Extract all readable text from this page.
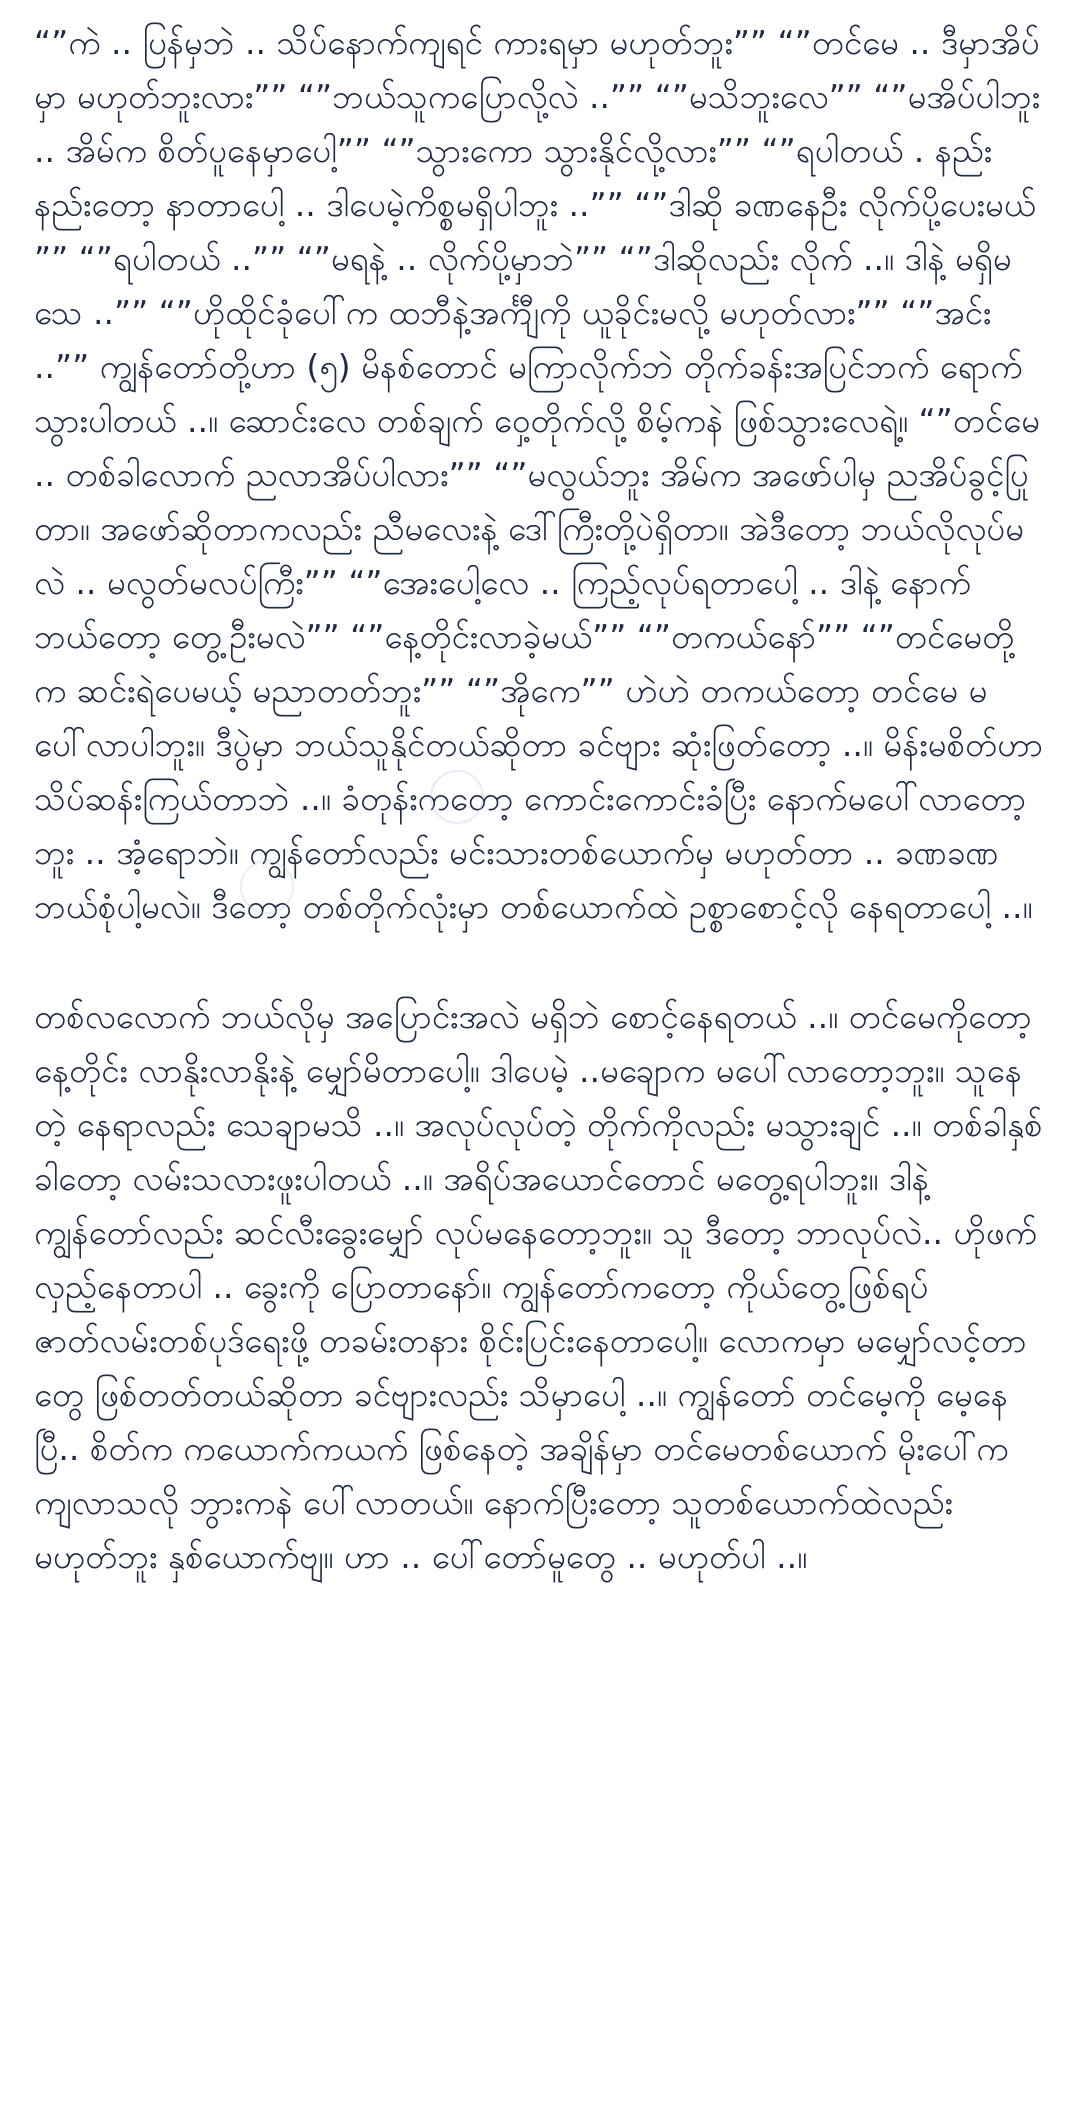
“”ကဲ .. ပြန်မှဘဲ .. သိပ်နောက်ကျရင် ကားရမှာ မဟုတ်ဘူး”” “”တင်မေ .. ဒီမှာအိပ်မှာ မဟုတ်ဘူးလား”” “”ဘယ်သူကပြောလို့လဲ ..”” “”မသိဘူးလေ”” “”မအိပ်ပါဘူး .. အိမ်က စိတ်ပူနေမှာပေါ့”” “”သွားကော သွားနိုင်လို့လား”” “”ရပါတယ် . နည်းနည်းတော့ နာတာပေါ့ .. ဒါပေမဲ့ကိစ္စမရှိပါဘူး ..”” “”ဒါဆို ခဏနေဦး လိုက်ပို့ပေးမယ် ”” “”ရပါတယ် ..”” “”မရနဲ့ .. လိုက်ပို့မှာဘဲ”” “”ဒါဆိုလည်း လိုက် ..။ ဒါနဲ့ မရှိမသေ ..”” “”ဟိုထိုင်ခုံပေါ်က ထဘီနဲ့အင်္ကျီကို ယူခိုင်းမလို့ မဟုတ်လား”” “”အင်း ..”” ကျွန်တော်တို့ဟာ (၅) မိနစ်တောင် မကြာလိုက်ဘဲ တိုက်ခန်းအပြင်ဘက် ရောက်သွားပါတယ် ..။ ဆောင်းလေ တစ်ချက် ဝှေ့တိုက်လို့ စိမ့်ကနဲ ဖြစ်သွားလေရဲ့။ “”တင်မေ .. တစ်ခါလောက် ညလာအိပ်ပါလား”” “”မလွယ်ဘူး အိမ်က အဖော်ပါမှ ညအိပ်ခွင့်ပြုတာ။ အဖော်ဆိုတာကလည်း ညီမလေးနဲ့ ဒေါ်ကြီးတို့ပဲရှိတာ။ အဲဒီတော့ ဘယ်လိုလုပ်မလဲ .. မလွတ်မလပ်ကြီး”” “”အေးပေါ့လေ .. ကြည့်လုပ်ရတာပေါ့ .. ဒါနဲ့ နောက် ဘယ်တော့ တွေ့ဦးမလဲ”” “”နေ့တိုင်းလာခဲ့မယ်”” “”တကယ်နော်”” “”တင်မေတို့က ဆင်းရဲပေမယ့် မညာတတ်ဘူး”” “”အိုကေ”” ဟဲဟဲ တကယ်တော့ တင်မေ မပေါ်လာပါဘူး။ ဒီပွဲမှာ ဘယ်သူနိုင်တယ်ဆိုတာ ခင်ဗျား ဆုံးဖြတ်တော့ ..။ မိန်းမစိတ်ဟာ သိပ်ဆန်းကြယ်တာဘဲ ..။ ခံတုန်းကတော့ ကောင်းကောင်းခံပြီး နောက်မပေါ်လာတော့ဘူး .. အံ့ရောဘဲ။ ကျွန်တော်လည်း မင်းသားတစ်ယောက်မှ မဟုတ်တာ .. ခဏခဏ ဘယ်စုံပါ့မလဲ။ ဒီတော့ တစ်တိုက်လုံးမှာ တစ်ယောက်ထဲ ဥစ္စာစောင့်လို နေရတာပေါ့ ..။

တစ်လလောက် ဘယ်လိုမှ အပြောင်းအလဲ မရှိဘဲ စောင့်နေရတယ် ..။ တင်မေကိုတော့ နေ့တိုင်း လာနိုးလာနိုးနဲ့ မျှော်မိတာပေါ့။ ဒါပေမဲ့ ..မချောက မပေါ်လာတော့ဘူး။ သူနေတဲ့ နေရာလည်း သေချာမသိ ..။ အလုပ်လုပ်တဲ့ တိုက်ကိုလည်း မသွားချင် ..။ တစ်ခါနှစ်ခါတော့ လမ်းသလားဖူးပါတယ် ..။ အရိပ်အယောင်တောင် မတွေ့ရပါဘူး။ ဒါနဲ့ ကျွန်တော်လည်း ဆင်လီးခွေးမျှော် လုပ်မနေတော့ဘူး။ သူ ဒီတော့ ဘာလုပ်လဲ.. ဟိုဖက်လှည့်နေတာပါ .. ခွေးကို ပြောတာနော်။ ကျွန်တော်ကတော့ ကိုယ်တွေ့ဖြစ်ရပ် ဇာတ်လမ်းတစ်ပုဒ်ရေးဖို့ တခမ်းတနား စိုင်းပြင်းနေတာပေါ့။ လောကမှာ မမျှော်လင့်တာတွေ ဖြစ်တတ်တယ်ဆိုတာ ခင်ဗျားလည်း သိမှာပေါ့ ..။ ကျွန်တော် တင်မေ့ကို မေ့နေပြီ.. စိတ်က ကယောက်ကယက် ဖြစ်နေတဲ့ အချိန်မှာ တင်မေတစ်ယောက် မိုးပေါ်က ကျလာသလို ဘွားကနဲ ပေါ်လာတယ်။ နောက်ပြီးတော့ သူတစ်ယောက်ထဲလည်း မဟုတ်ဘူး နှစ်ယောက်ဗျ။ ဟာ .. ပေါ်တော်မူတွေ .. မဟုတ်ပါ ..။
